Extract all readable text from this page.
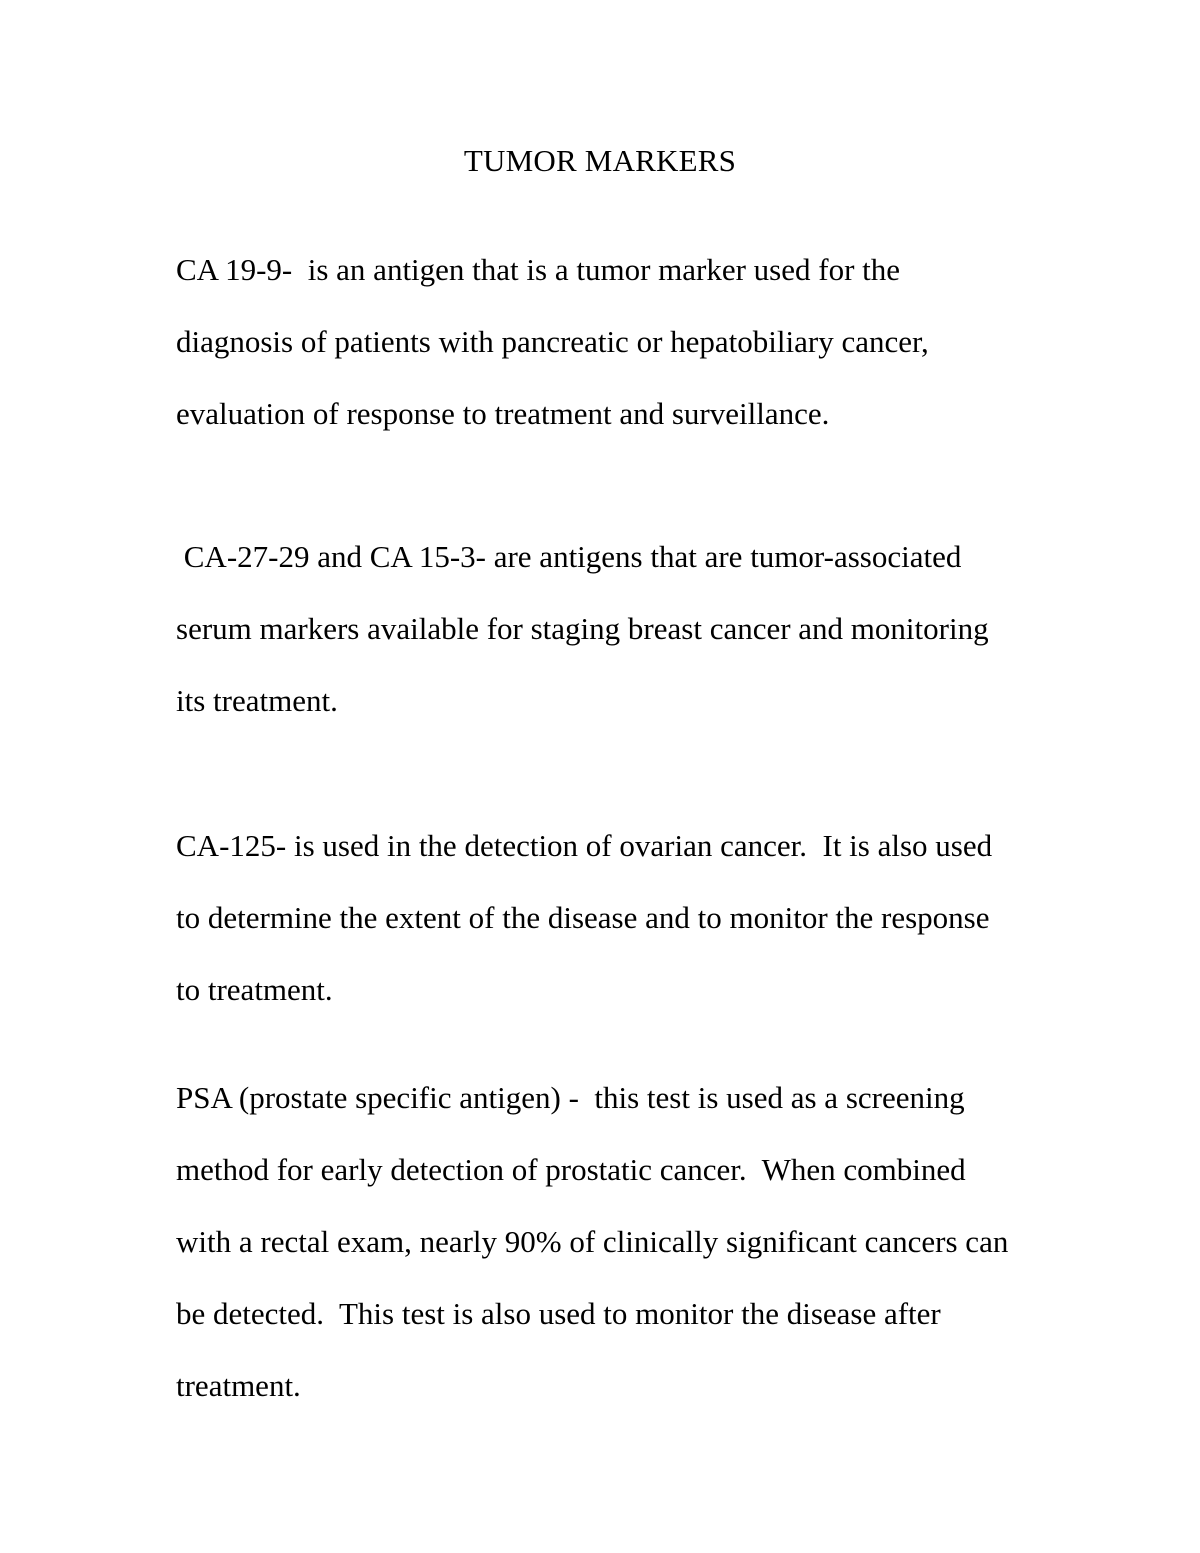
TUMOR MARKERS
CA 19-9-  is an antigen that is a tumor marker used for the
diagnosis of patients with pancreatic or hepatobiliary cancer,
evaluation of response to treatment and surveillance.
CA-27-29 and CA 15-3- are antigens that are tumor-associated
serum markers available for staging breast cancer and monitoring
its treatment.
CA-125- is used in the detection of ovarian cancer.  It is also used
to determine the extent of the disease and to monitor the response
to treatment.
PSA (prostate specific antigen) -  this test is used as a screening
method for early detection of prostatic cancer.  When combined
with a rectal exam, nearly 90% of clinically significant cancers can
be detected.  This test is also used to monitor the disease after
treatment.
